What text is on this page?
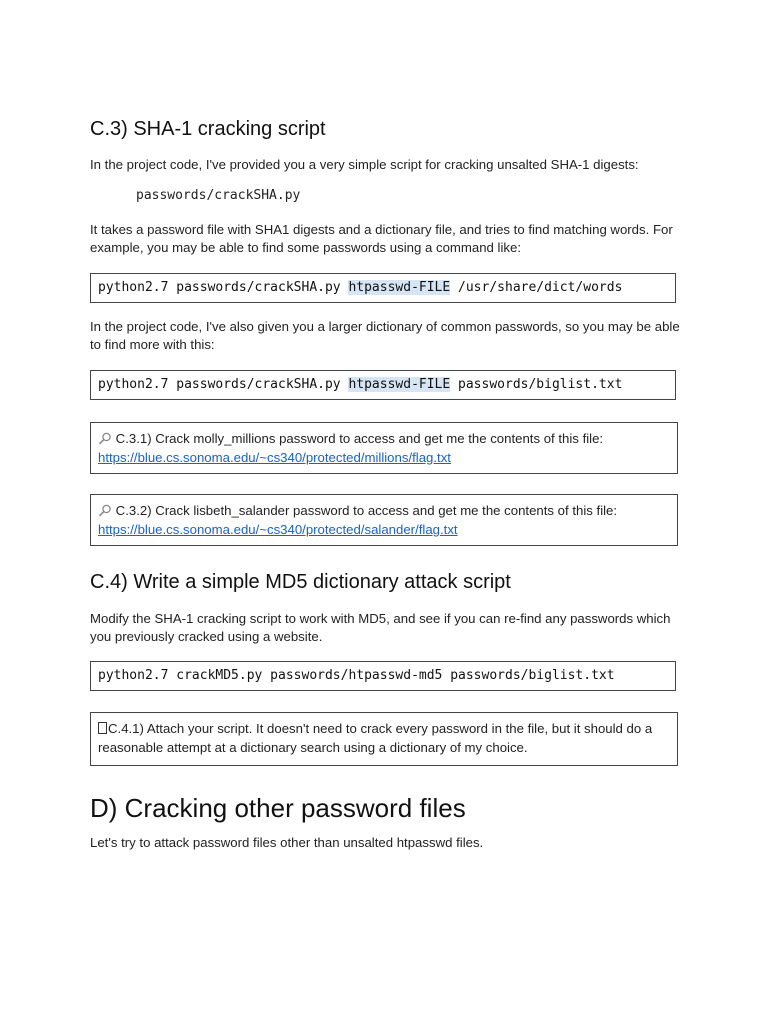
C.3) SHA-1 cracking script

In the project code, I've provided you a very simple script for cracking unsalted SHA-1 digests:

passwords/crackSHA.py

It takes a password file with SHA1 digests and a dictionary file, and tries to find matching words. For example, you may be able to find some passwords using a command like:

python2.7 passwords/crackSHA.py htpasswd-FILE /usr/share/dict/words

In the project code, I've also given you a larger dictionary of common passwords, so you may be able to find more with this:

python2.7 passwords/crackSHA.py htpasswd-FILE passwords/biglist.txt
C.3.1) Crack molly_millions password to access and get me the contents of this file:
https://blue.cs.sonoma.edu/~cs340/protected/millions/flag.txt
C.3.2) Crack lisbeth_salander password to access and get me the contents of this file:
https://blue.cs.sonoma.edu/~cs340/protected/salander/flag.txt
C.4) Write a simple MD5 dictionary attack script

Modify the SHA-1 cracking script to work with MD5, and see if you can re-find any passwords which you previously cracked using a website.

python2.7 crackMD5.py passwords/htpasswd-md5 passwords/biglist.txt
C.4.1) Attach your script. It doesn't need to crack every password in the file, but it should do a reasonable attempt at a dictionary search using a dictionary of my choice.
D) Cracking other password files

Let's try to attack password files other than unsalted htpasswd files.
